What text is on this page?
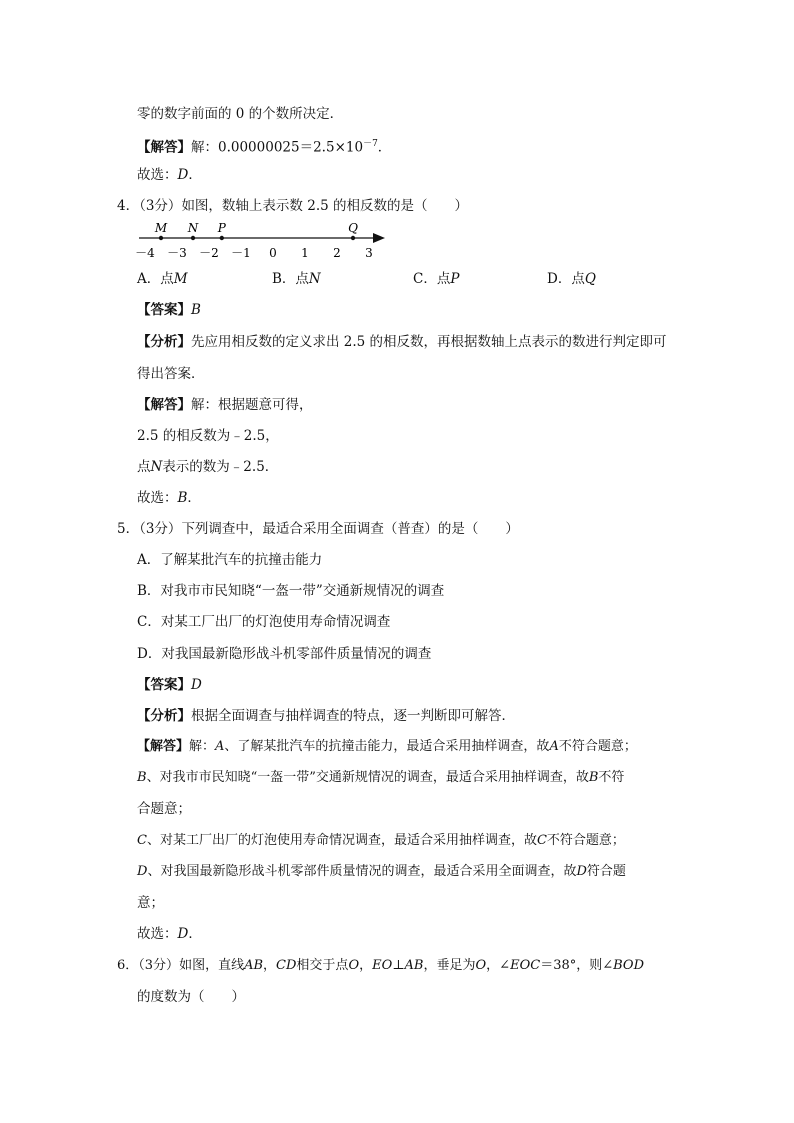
零的数字前面的 0 的个数所决定．
【解答】解：$0.00000025=2.5\times 10^{-7}$．
故选：D．
4．（3分）如图，数轴上表示数 2.5 的相反数的是（　　）
－4 －3 －2 －1 0 1 2 3
M N P	Q
A．点M	B．点N	C．点P	D．点Q
【答案】B
【分析】先应用相反数的定义求出 2.5 的相反数，再根据数轴上点表示的数进行判定即可
得出答案．
【解答】解：根据题意可得，
2.5 的相反数为﹣2.5，
点N表示的数为﹣2.5．
故选：B．
5．（3分）下列调查中，最适合采用全面调查（普查）的是（　　）
A．了解某批汽车的抗撞击能力
B．对我市市民知晓“一盔一带”交通新规情况的调查
C．对某工厂出厂的灯泡使用寿命情况调查
D．对我国最新隐形战斗机零部件质量情况的调查
【答案】D
【分析】根据全面调查与抽样调查的特点，逐一判断即可解答．
【解答】解：A、了解某批汽车的抗撞击能力，最适合采用抽样调查，故A不符合题意；
B、对我市市民知晓“一盔一带”交通新规情况的调查，最适合采用抽样调查，故B不符
合题意；
C、对某工厂出厂的灯泡使用寿命情况调查，最适合采用抽样调查，故C不符合题意；
D、对我国最新隐形战斗机零部件质量情况的调查，最适合采用全面调查，故D符合题
意；
故选：D．
6．（3分）如图，直线AB，CD相交于点O，EO⊥AB，垂足为O，∠EOC＝38°，则∠BOD
的度数为（　　）
